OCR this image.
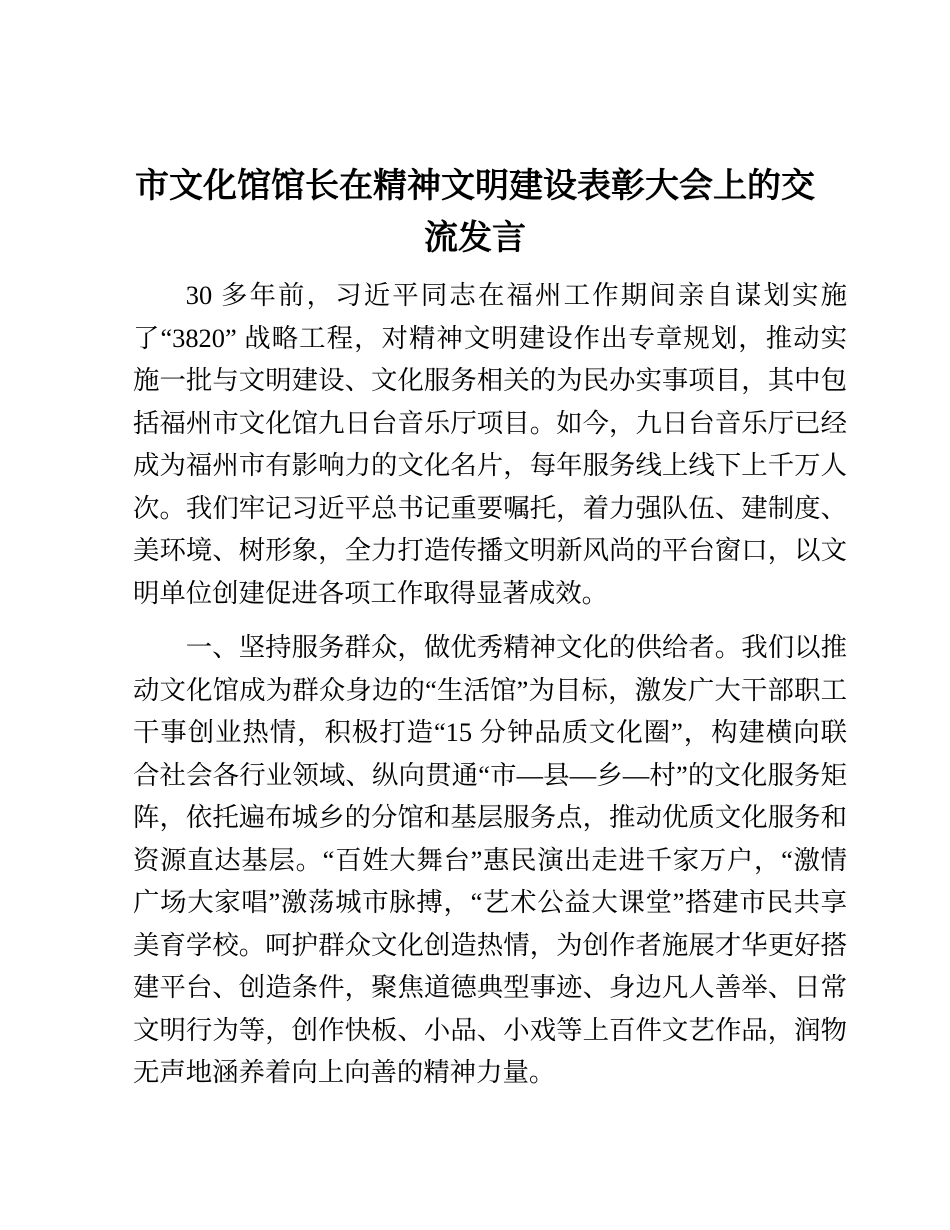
市文化馆馆长在精神文明建设表彰大会上的交流发言

30 多年前，习近平同志在福州工作期间亲自谋划实施了“3820” 战略工程，对精神文明建设作出专章规划，推动实施一批与文明建设、文化服务相关的为民办实事项目，其中包括福州市文化馆九日台音乐厅项目。如今，九日台音乐厅已经成为福州市有影响力的文化名片，每年服务线上线下上千万人次。我们牢记习近平总书记重要嘱托，着力强队伍、建制度、美环境、树形象，全力打造传播文明新风尚的平台窗口，以文明单位创建促进各项工作取得显著成效。

一、坚持服务群众，做优秀精神文化的供给者。我们以推动文化馆成为群众身边的“生活馆”为目标，激发广大干部职工干事创业热情，积极打造“15 分钟品质文化圈”，构建横向联合社会各行业领域、纵向贯通“市—县—乡—村”的文化服务矩阵，依托遍布城乡的分馆和基层服务点，推动优质文化服务和资源直达基层。“百姓大舞台”惠民演出走进千家万户，“激情广场大家唱”激荡城市脉搏，“艺术公益大课堂”搭建市民共享美育学校。呵护群众文化创造热情，为创作者施展才华更好搭建平台、创造条件，聚焦道德典型事迹、身边凡人善举、日常文明行为等，创作快板、小品、小戏等上百件文艺作品，润物无声地涵养着向上向善的精神力量。
